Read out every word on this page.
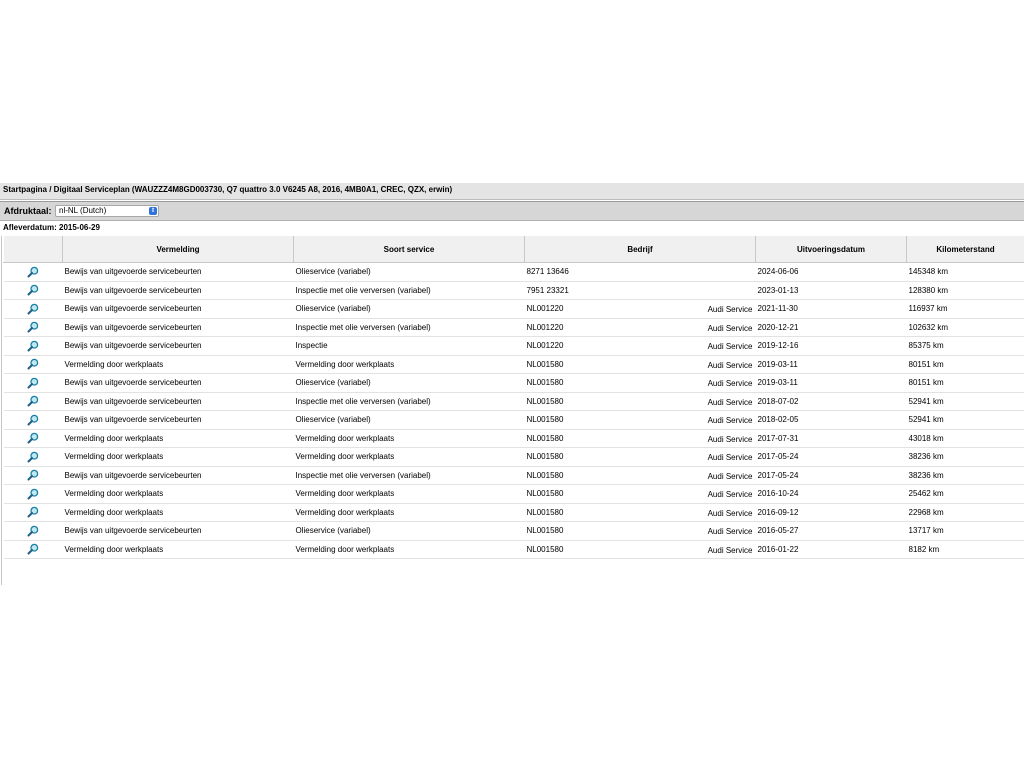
Startpagina / Digitaal Serviceplan (WAUZZZ4M8GD003730, Q7 quattro 3.0 V6245 A8, 2016, 4MB0A1, CREC, QZX, erwin)
Afdruktaal: nl-NL (Dutch)	⇕
Afleverdatum: 2015-06-29
	Vermelding	Soort service	Bedrijf	Uitvoeringsdatum	Kilometerstand
	Bewijs van uitgevoerde servicebeurten	Olieservice (variabel)	8271 13646	2024-06-06	145348 km
	Bewijs van uitgevoerde servicebeurten	Inspectie met olie verversen (variabel)	7951 23321	2023-01-13	128380 km
	Bewijs van uitgevoerde servicebeurten	Olieservice (variabel)	NL001220 Audi Service	2021-11-30	116937 km
	Bewijs van uitgevoerde servicebeurten	Inspectie met olie verversen (variabel)	NL001220 Audi Service	2020-12-21	102632 km
	Bewijs van uitgevoerde servicebeurten	Inspectie	NL001220 Audi Service	2019-12-16	85375 km
	Vermelding door werkplaats	Vermelding door werkplaats	NL001580 Audi Service	2019-03-11	80151 km
	Bewijs van uitgevoerde servicebeurten	Olieservice (variabel)	NL001580 Audi Service	2019-03-11	80151 km
	Bewijs van uitgevoerde servicebeurten	Inspectie met olie verversen (variabel)	NL001580 Audi Service	2018-07-02	52941 km
	Bewijs van uitgevoerde servicebeurten	Olieservice (variabel)	NL001580 Audi Service	2018-02-05	52941 km
	Vermelding door werkplaats	Vermelding door werkplaats	NL001580 Audi Service	2017-07-31	43018 km
	Vermelding door werkplaats	Vermelding door werkplaats	NL001580 Audi Service	2017-05-24	38236 km
	Bewijs van uitgevoerde servicebeurten	Inspectie met olie verversen (variabel)	NL001580 Audi Service	2017-05-24	38236 km
	Vermelding door werkplaats	Vermelding door werkplaats	NL001580 Audi Service	2016-10-24	25462 km
	Vermelding door werkplaats	Vermelding door werkplaats	NL001580 Audi Service	2016-09-12	22968 km
	Bewijs van uitgevoerde servicebeurten	Olieservice (variabel)	NL001580 Audi Service	2016-05-27	13717 km
	Vermelding door werkplaats	Vermelding door werkplaats	NL001580 Audi Service	2016-01-22	8182 km
